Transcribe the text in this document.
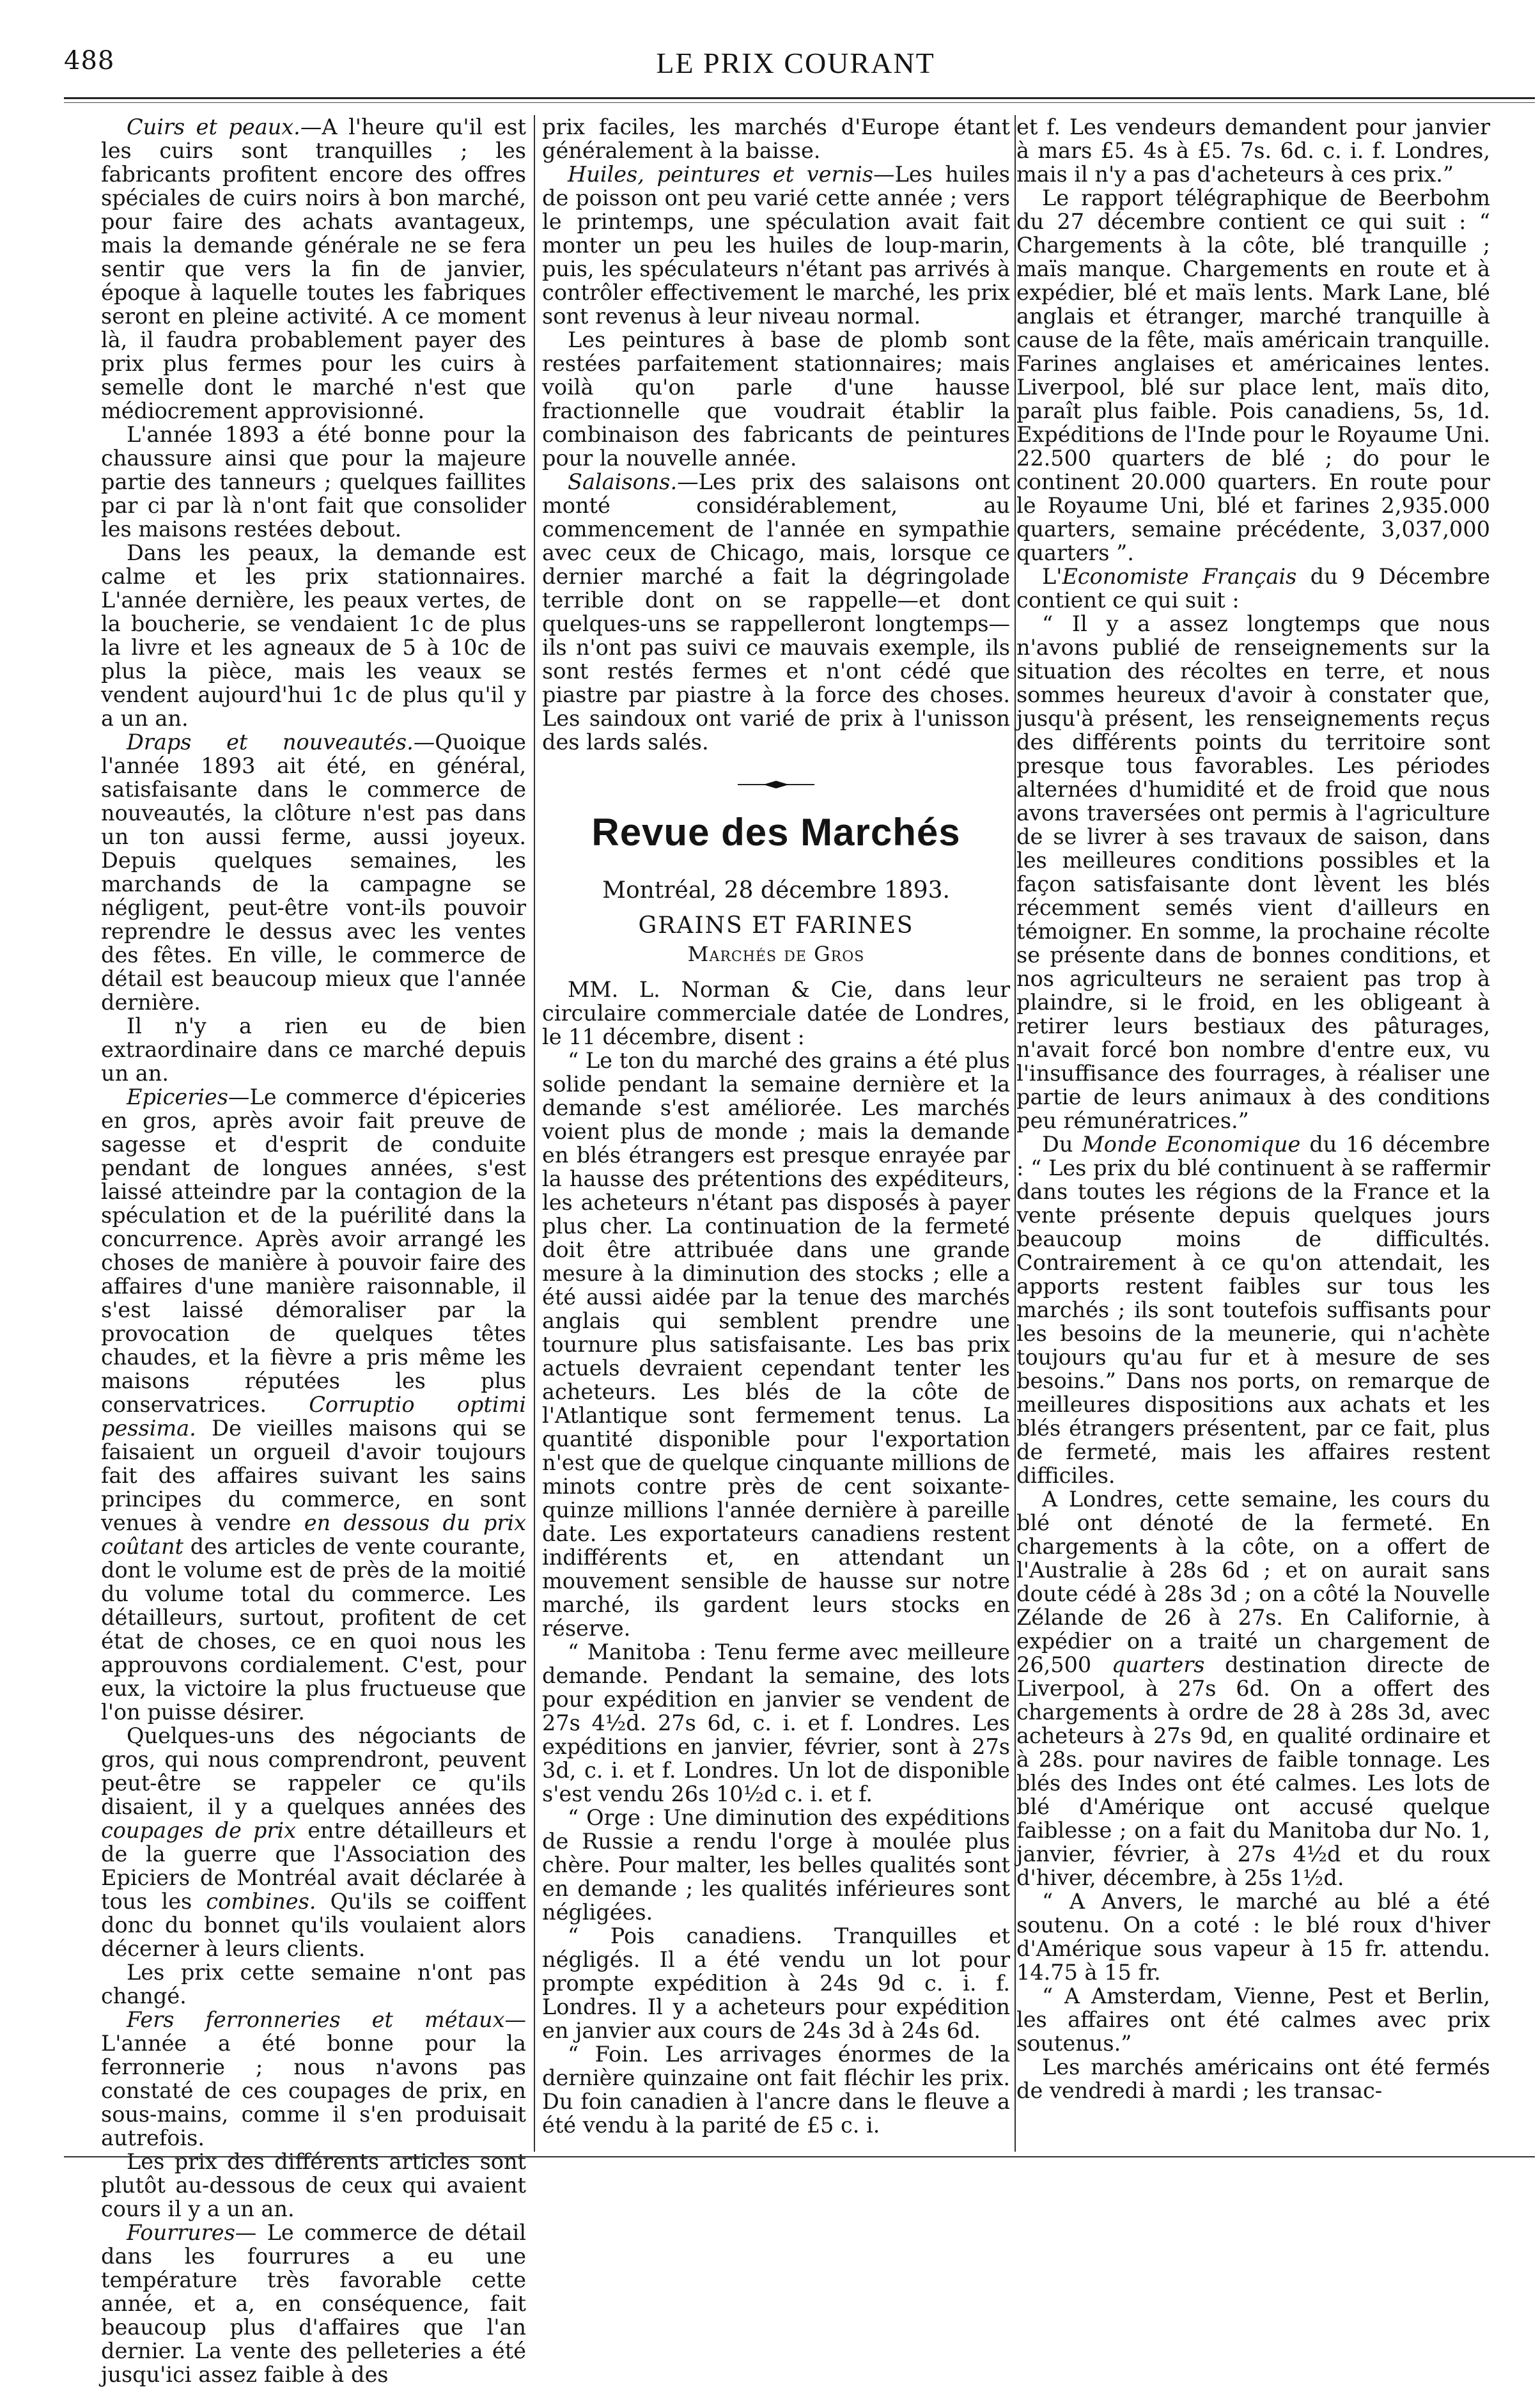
488	LE PRIX COURANT

Cuirs et peaux.—A l'heure qu'il est les cuirs sont tranquilles ; les fabricants profitent encore des offres spéciales de cuirs noirs à bon marché, pour faire des achats avantageux, mais la demande générale ne se fera sentir que vers la fin de janvier, époque à laquelle toutes les fabriques seront en pleine activité. A ce moment là, il faudra probablement payer des prix plus fermes pour les cuirs à semelle dont le marché n'est que médiocrement approvisionné.

L'année 1893 a été bonne pour la chaussure ainsi que pour la majeure partie des tanneurs ; quelques faillites par ci par là n'ont fait que consolider les maisons restées debout.

Dans les peaux, la demande est calme et les prix stationnaires. L'année dernière, les peaux vertes, de la boucherie, se vendaient 1c de plus la livre et les agneaux de 5 à 10c de plus la pièce, mais les veaux se vendent aujourd'hui 1c de plus qu'il y a un an.

Draps et nouveautés.—Quoique l'année 1893 ait été, en général, satisfaisante dans le commerce de nouveautés, la clôture n'est pas dans un ton aussi ferme, aussi joyeux. Depuis quelques semaines, les marchands de la campagne se négligent, peut-être vont-ils pouvoir reprendre le dessus avec les ventes des fêtes. En ville, le commerce de détail est beaucoup mieux que l'année dernière.

Il n'y a rien eu de bien extraordinaire dans ce marché depuis un an.

Epiceries—Le commerce d'épiceries en gros, après avoir fait preuve de sagesse et d'esprit de conduite pendant de longues années, s'est laissé atteindre par la contagion de la spéculation et de la puérilité dans la concurrence. Après avoir arrangé les choses de manière à pouvoir faire des affaires d'une manière raisonnable, il s'est laissé démoraliser par la provocation de quelques têtes chaudes, et la fièvre a pris même les maisons réputées les plus conservatrices. Corruptio optimi pessima. De vieilles maisons qui se faisaient un orgueil d'avoir toujours fait des affaires suivant les sains principes du commerce, en sont venues à vendre en dessous du prix coûtant des articles de vente courante, dont le volume est de près de la moitié du volume total du commerce. Les détailleurs, surtout, profitent de cet état de choses, ce en quoi nous les approuvons cordialement. C'est, pour eux, la victoire la plus fructueuse que l'on puisse désirer.

Quelques-uns des négociants de gros, qui nous comprendront, peuvent peut-être se rappeler ce qu'ils disaient, il y a quelques années des coupages de prix entre détailleurs et de la guerre que l'Association des Epiciers de Montréal avait déclarée à tous les combines. Qu'ils se coiffent donc du bonnet qu'ils voulaient alors décerner à leurs clients.

Les prix cette semaine n'ont pas changé.

Fers ferronneries et métaux—L'année a été bonne pour la ferronnerie ; nous n'avons pas constaté de ces coupages de prix, en sous-mains, comme il s'en produisait autrefois.

Les prix des différents articles sont plutôt au-dessous de ceux qui avaient cours il y a un an.

Fourrures— Le commerce de détail dans les fourrures a eu une température très favorable cette année, et a, en conséquence, fait beaucoup plus d'affaires que l'an dernier. La vente des pelleteries a été jusqu'ici assez faible à des

prix faciles, les marchés d'Europe étant généralement à la baisse.

Huiles, peintures et vernis—Les huiles de poisson ont peu varié cette année ; vers le printemps, une spéculation avait fait monter un peu les huiles de loup-marin, puis, les spéculateurs n'étant pas arrivés à contrôler effectivement le marché, les prix sont revenus à leur niveau normal.

Les peintures à base de plomb sont restées parfaitement stationnaires; mais voilà qu'on parle d'une hausse fractionnelle que voudrait établir la combinaison des fabricants de peintures pour la nouvelle année.

Salaisons.—Les prix des salaisons ont monté considérablement, au commencement de l'année en sympathie avec ceux de Chicago, mais, lorsque ce dernier marché a fait la dégringolade terrible dont on se rappelle—et dont quelques-uns se rappelleront longtemps—ils n'ont pas suivi ce mauvais exemple, ils sont restés fermes et n'ont cédé que piastre par piastre à la force des choses. Les saindoux ont varié de prix à l'unisson des lards salés.

Revue des Marchés
Montréal, 28 décembre 1893.
GRAINS ET FARINES
Marchés de Gros

MM. L. Norman & Cie, dans leur circulaire commerciale datée de Londres, le 11 décembre, disent :

“ Le ton du marché des grains a été plus solide pendant la semaine dernière et la demande s'est améliorée. Les marchés voient plus de monde ; mais la demande en blés étrangers est presque enrayée par la hausse des prétentions des expéditeurs, les acheteurs n'étant pas disposés à payer plus cher. La continuation de la fermeté doit être attribuée dans une grande mesure à la diminution des stocks ; elle a été aussi aidée par la tenue des marchés anglais qui semblent prendre une tournure plus satisfaisante. Les bas prix actuels devraient cependant tenter les acheteurs. Les blés de la côte de l'Atlantique sont fermement tenus. La quantité disponible pour l'exportation n'est que de quelque cinquante millions de minots contre près de cent soixante-quinze millions l'année dernière à pareille date. Les exportateurs canadiens restent indifférents et, en attendant un mouvement sensible de hausse sur notre marché, ils gardent leurs stocks en réserve.

“ Manitoba : Tenu ferme avec meilleure demande. Pendant la semaine, des lots pour expédition en janvier se vendent de 27s 4½d. 27s 6d, c. i. et f. Londres. Les expéditions en janvier, février, sont à 27s 3d, c. i. et f. Londres. Un lot de disponible s'est vendu 26s 10½d c. i. et f.

“ Orge : Une diminution des expéditions de Russie a rendu l'orge à moulée plus chère. Pour malter, les belles qualités sont en demande ; les qualités inférieures sont négligées.

“ Pois canadiens. Tranquilles et négligés. Il a été vendu un lot pour prompte expédition à 24s 9d c. i. f. Londres. Il y a acheteurs pour expédition en janvier aux cours de 24s 3d à 24s 6d.

“ Foin. Les arrivages énormes de la dernière quinzaine ont fait fléchir les prix. Du foin canadien à l'ancre dans le fleuve a été vendu à la parité de £5 c. i.

et f. Les vendeurs demandent pour janvier à mars £5. 4s à £5. 7s. 6d. c. i. f. Londres, mais il n'y a pas d'acheteurs à ces prix.”

Le rapport télégraphique de Beerbohm du 27 décembre contient ce qui suit : “ Chargements à la côte, blé tranquille ; maïs manque. Chargements en route et à expédier, blé et maïs lents. Mark Lane, blé anglais et étranger, marché tranquille à cause de la fête, maïs américain tranquille. Farines anglaises et américaines lentes. Liverpool, blé sur place lent, maïs dito, paraît plus faible. Pois canadiens, 5s, 1d. Expéditions de l'Inde pour le Royaume Uni. 22.500 quarters de blé ; do pour le continent 20.000 quarters. En route pour le Royaume Uni, blé et farines 2,935.000 quarters, semaine précédente, 3,037,000 quarters ”.

L'Economiste Français du 9 Décembre contient ce qui suit :

“ Il y a assez longtemps que nous n'avons publié de renseignements sur la situation des récoltes en terre, et nous sommes heureux d'avoir à constater que, jusqu'à présent, les renseignements reçus des différents points du territoire sont presque tous favorables. Les périodes alternées d'humidité et de froid que nous avons traversées ont permis à l'agriculture de se livrer à ses travaux de saison, dans les meilleures conditions possibles et la façon satisfaisante dont lèvent les blés récemment semés vient d'ailleurs en témoigner. En somme, la prochaine récolte se présente dans de bonnes conditions, et nos agriculteurs ne seraient pas trop à plaindre, si le froid, en les obligeant à retirer leurs bestiaux des pâturages, n'avait forcé bon nombre d'entre eux, vu l'insuffisance des fourrages, à réaliser une partie de leurs animaux à des conditions peu rémunératrices.”

Du Monde Economique du 16 décembre : “ Les prix du blé continuent à se raffermir dans toutes les régions de la France et la vente présente depuis quelques jours beaucoup moins de difficultés. Contrairement à ce qu'on attendait, les apports restent faibles sur tous les marchés ; ils sont toutefois suffisants pour les besoins de la meunerie, qui n'achète toujours qu'au fur et à mesure de ses besoins.” Dans nos ports, on remarque de meilleures dispositions aux achats et les blés étrangers présentent, par ce fait, plus de fermeté, mais les affaires restent difficiles.

A Londres, cette semaine, les cours du blé ont dénoté de la fermeté. En chargements à la côte, on a offert de l'Australie à 28s 6d ; et on aurait sans doute cédé à 28s 3d ; on a côté la Nouvelle Zélande de 26 à 27s. En Californie, à expédier on a traité un chargement de 26,500 quarters destination directe de Liverpool, à 27s 6d. On a offert des chargements à ordre de 28 à 28s 3d, avec acheteurs à 27s 9d, en qualité ordinaire et à 28s. pour navires de faible tonnage. Les blés des Indes ont été calmes. Les lots de blé d'Amérique ont accusé quelque faiblesse ; on a fait du Manitoba dur No. 1, janvier, février, à 27s 4½d et du roux d'hiver, décembre, à 25s 1½d.

“ A Anvers, le marché au blé a été soutenu. On a coté : le blé roux d'hiver d'Amérique sous vapeur à 15 fr. attendu. 14.75 à 15 fr.

“ A Amsterdam, Vienne, Pest et Berlin, les affaires ont été calmes avec prix soutenus.”

Les marchés américains ont été fermés de vendredi à mardi ; les transac-
